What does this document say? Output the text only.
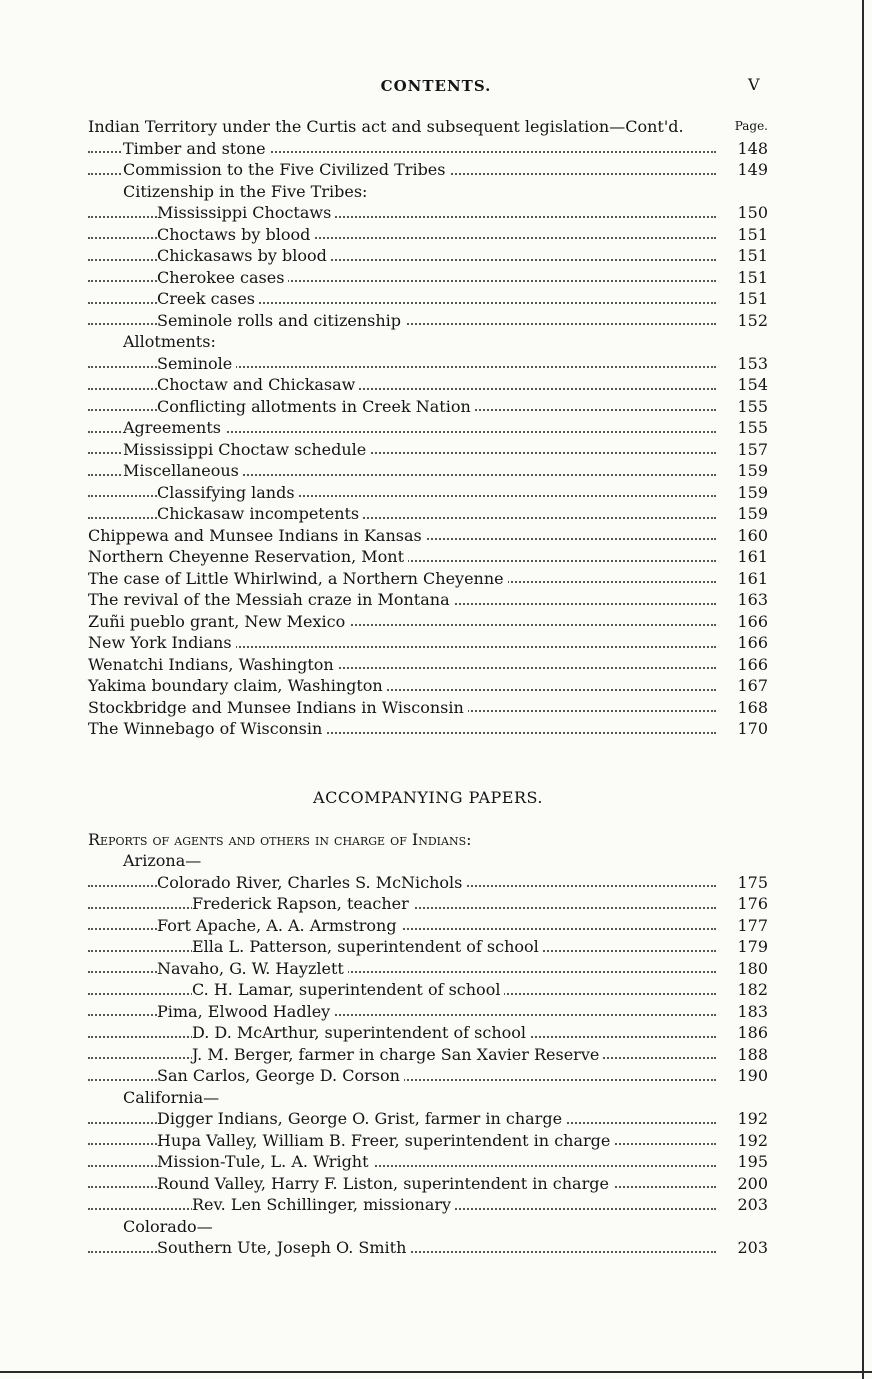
CONTENTS.	V
Indian Territory under the Curtis act and subsequent legislation—Cont'd.	Page.
Timber and stone	148
Commission to the Five Civilized Tribes	149
Citizenship in the Five Tribes:
Mississippi Choctaws	150
Choctaws by blood	151
Chickasaws by blood	151
Cherokee cases	151
Creek cases	151
Seminole rolls and citizenship	152
Allotments:
Seminole	153
Choctaw and Chickasaw	154
Conflicting allotments in Creek Nation	155
Agreements	155
Mississippi Choctaw schedule	157
Miscellaneous	159
Classifying lands	159
Chickasaw incompetents	159
Chippewa and Munsee Indians in Kansas	160
Northern Cheyenne Reservation, Mont	161
The case of Little Whirlwind, a Northern Cheyenne	161
The revival of the Messiah craze in Montana	163
Zuñi pueblo grant, New Mexico	166
New York Indians	166
Wenatchi Indians, Washington	166
Yakima boundary claim, Washington	167
Stockbridge and Munsee Indians in Wisconsin	168
The Winnebago of Wisconsin	170
ACCOMPANYING PAPERS.
Reports of agents and others in charge of Indians:
Arizona—
Colorado River, Charles S. McNichols	175
Frederick Rapson, teacher	176
Fort Apache, A. A. Armstrong	177
Ella L. Patterson, superintendent of school	179
Navaho, G. W. Hayzlett	180
C. H. Lamar, superintendent of school	182
Pima, Elwood Hadley	183
D. D. McArthur, superintendent of school	186
J. M. Berger, farmer in charge San Xavier Reserve	188
San Carlos, George D. Corson	190
California—
Digger Indians, George O. Grist, farmer in charge	192
Hupa Valley, William B. Freer, superintendent in charge	192
Mission-Tule, L. A. Wright	195
Round Valley, Harry F. Liston, superintendent in charge	200
Rev. Len Schillinger, missionary	203
Colorado—
Southern Ute, Joseph O. Smith	203
